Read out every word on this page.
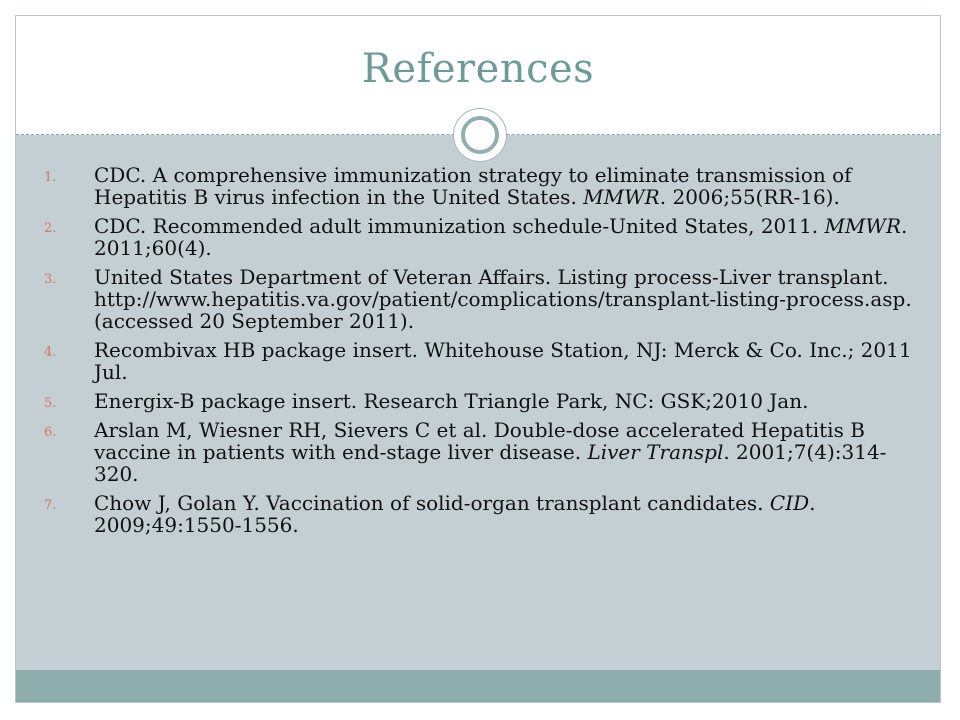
References
1. CDC. A comprehensive immunization strategy to eliminate transmission of Hepatitis B virus infection in the United States. MMWR. 2006;55(RR-16).
2. CDC. Recommended adult immunization schedule-United States, 2011. MMWR. 2011;60(4).
3. United States Department of Veteran Affairs. Listing process-Liver transplant. http://www.hepatitis.va.gov/patient/complications/transplant-listing-process.asp. (accessed 20 September 2011).
4. Recombivax HB package insert. Whitehouse Station, NJ: Merck & Co. Inc.; 2011 Jul.
5. Energix-B package insert. Research Triangle Park, NC: GSK;2010 Jan.
6. Arslan M, Wiesner RH, Sievers C et al. Double-dose accelerated Hepatitis B vaccine in patients with end-stage liver disease. Liver Transpl. 2001;7(4):314-320.
7. Chow J, Golan Y. Vaccination of solid-organ transplant candidates. CID. 2009;49:1550-1556.
